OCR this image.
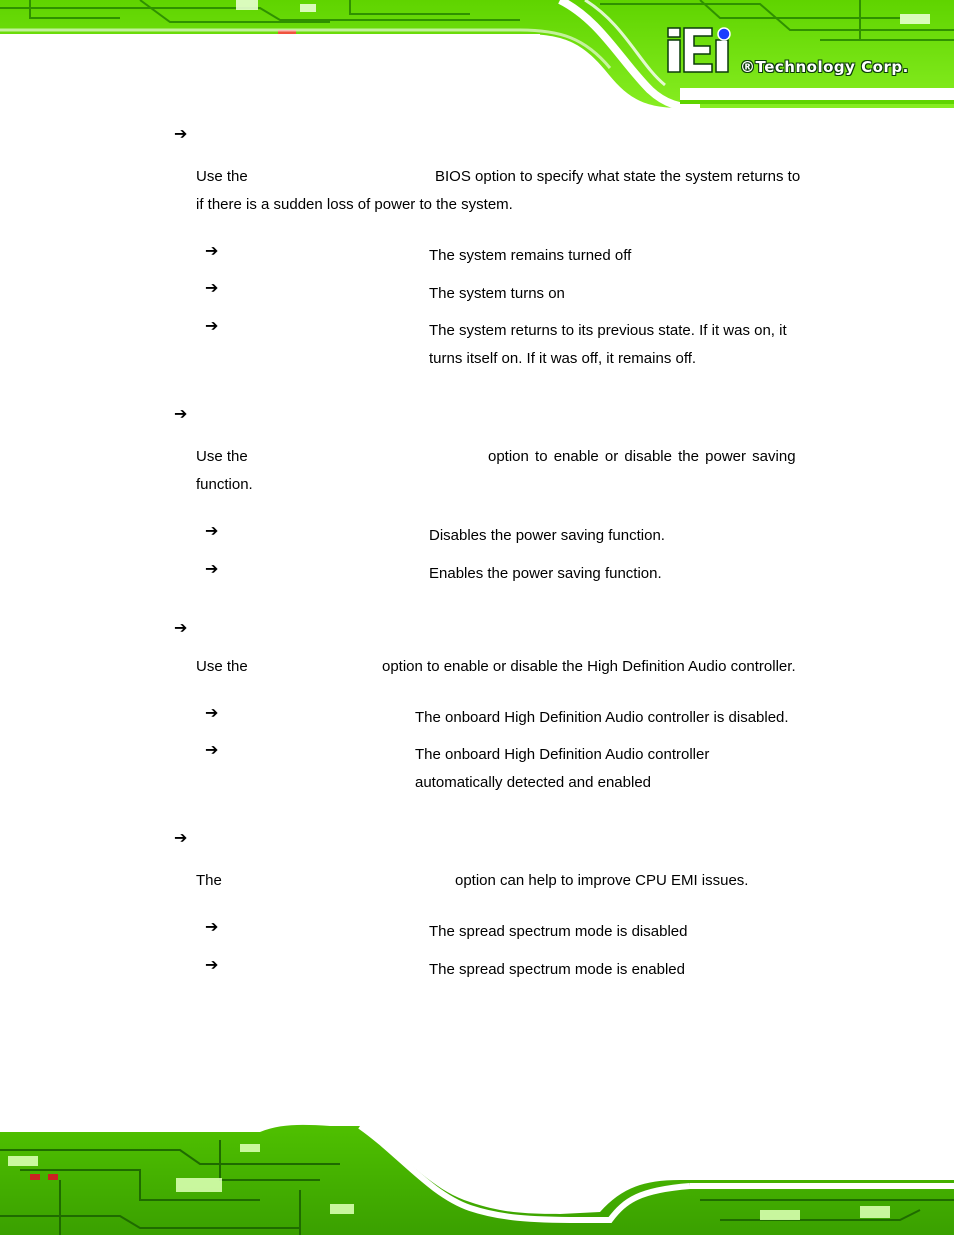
®Technology Corp.
➔
Use the	BIOS option to specify what state the system returns to
if there is a sudden loss of power to the system.
➔	The system remains turned off
➔	The system turns on
➔	The system returns to its previous state. If it was on, it
turns itself on. If it was off, it remains off.
➔
Use the	option to enable or disable the power saving
function.
➔	Disables the power saving function.
➔	Enables the power saving function.
➔
Use the	option to enable or disable the High Definition Audio controller.
➔	The onboard High Definition Audio controller is disabled.
➔	The onboard High Definition Audio controller
automatically detected and enabled
➔
The	option can help to improve CPU EMI issues.
➔	The spread spectrum mode is disabled
➔	The spread spectrum mode is enabled
